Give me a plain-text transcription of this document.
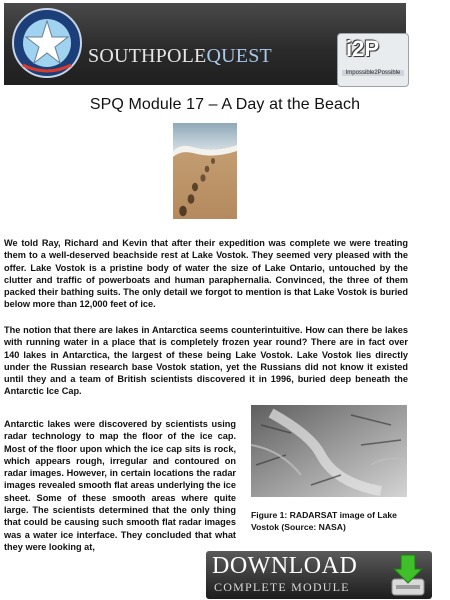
SOUTHPOLEQUEST	i2P
Impossible2Possible
SPQ Module 17 – A Day at the Beach

We told Ray, Richard and Kevin that after their expedition was complete we were treating them to a well-deserved beachside rest at Lake Vostok. They seemed very pleased with the offer. Lake Vostok is a pristine body of water the size of Lake Ontario, untouched by the clutter and traffic of powerboats and human paraphernalia. Convinced, the three of them packed their bathing suits. The only detail we forgot to mention is that Lake Vostok is buried below more than 12,000 feet of ice.

The notion that there are lakes in Antarctica seems counterintuitive. How can there be lakes with running water in a place that is completely frozen year round? There are in fact over 140 lakes in Antarctica, the largest of these being Lake Vostok. Lake Vostok lies directly under the Russian research base Vostok station, yet the Russians did not know it existed until they and a team of British scientists discovered it in 1996, buried deep beneath the Antarctic Ice Cap.

Antarctic lakes were discovered by scientists using radar technology to map the floor of the ice cap. Most of the floor upon which the ice cap sits is rock, which appears rough, irregular and contoured on radar images. However, in certain locations the radar images revealed smooth flat areas underlying the ice sheet. Some of these smooth areas where quite large. The scientists determined that the only thing that could be causing such smooth flat radar images was a water ice interface. They concluded that what they were looking at,

Figure 1: RADARSAT image of Lake Vostok (Source: NASA)

DOWNLOAD
COMPLETE MODULE
